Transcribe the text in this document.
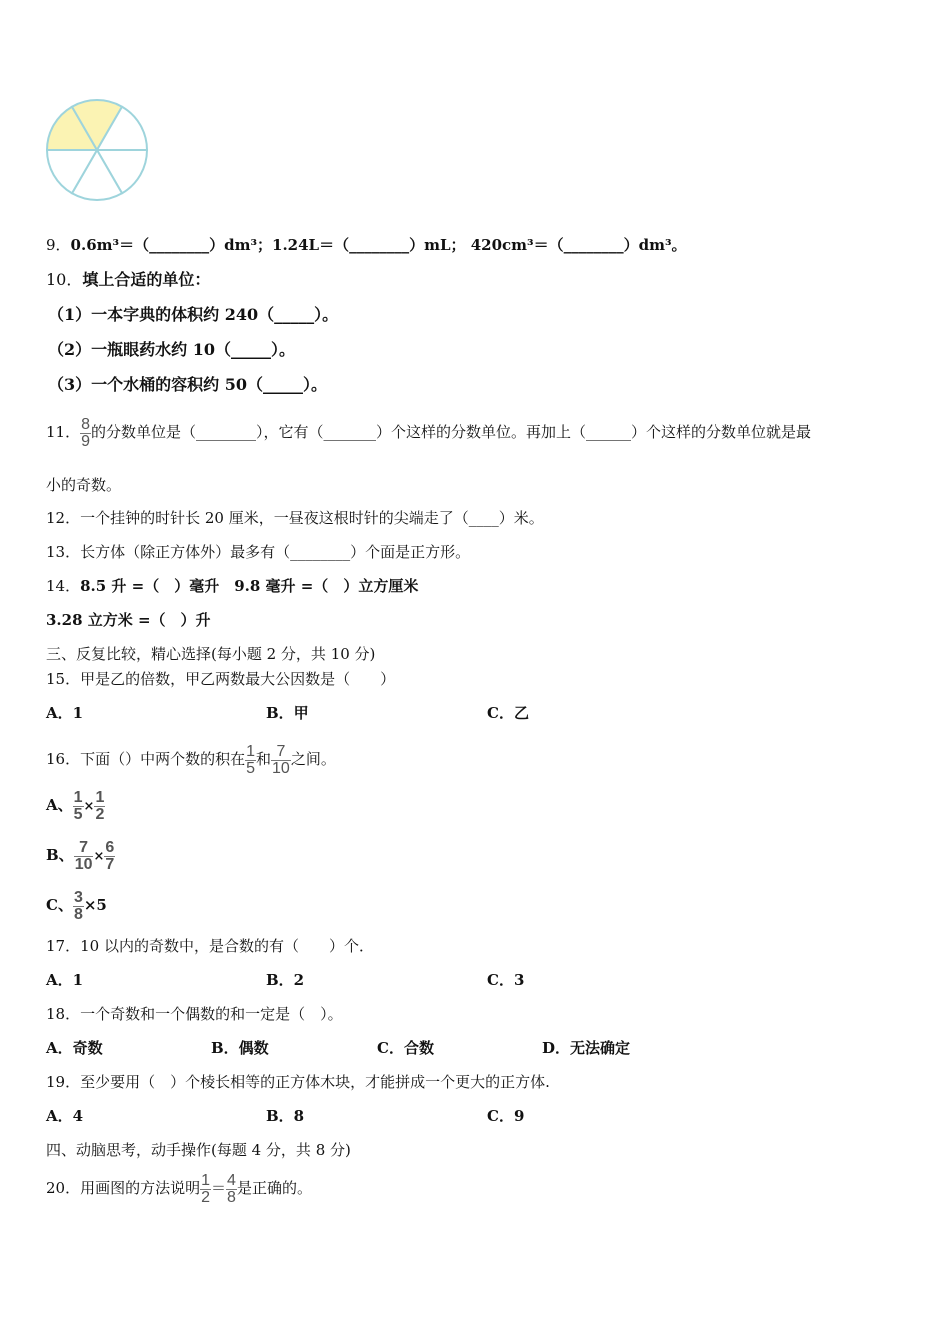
9．0.6m³＝（________）dm³；1.24L＝（________）mL； 420cm³＝（________）dm³。
10．填上合适的单位：
（1）一本字典的体积约 240（_____）。
（2）一瓶眼药水约 10（_____）。
（3）一个水桶的容积约 50（_____）。
11． $\frac{8}{9}$ 的分数单位是（________），它有（_______）个这样的分数单位。再加上（______）个这样的分数单位就是最
小的奇数。
12．一个挂钟的时针长 20 厘米，一昼夜这根时针的尖端走了（____）米。
13．长方体（除正方体外）最多有（________）个面是正方形。
14．8.5 升 =（　）毫升　9.8 毫升 =（　）立方厘米
3.28 立方米 =（　）升
三、反复比较，精心选择(每小题 2 分，共 10 分)
15．甲是乙的倍数，甲乙两数最大公因数是（　　）
A．1	B．甲	C．乙
16．下面（）中两个数的积在 $\frac{1}{5}$ 和 $\frac{7}{10}$ 之间。
A、 $\frac{1}{5} \times \frac{1}{2}$
B、 $\frac{7}{10} \times \frac{6}{7}$
C、 $\frac{3}{8} \times 5$
17．10 以内的奇数中，是合数的有（　　）个．
A．1	B．2	C．3
18．一个奇数和一个偶数的和一定是（　）。
A．奇数	B．偶数	C．合数	D．无法确定
19．至少要用（　）个棱长相等的正方体木块，才能拼成一个更大的正方体.
A．4	B．8	C．9
四、动脑思考，动手操作(每题 4 分，共 8 分)
20．用画图的方法说明 $\frac{1}{2} = \frac{4}{8}$ 是正确的。
